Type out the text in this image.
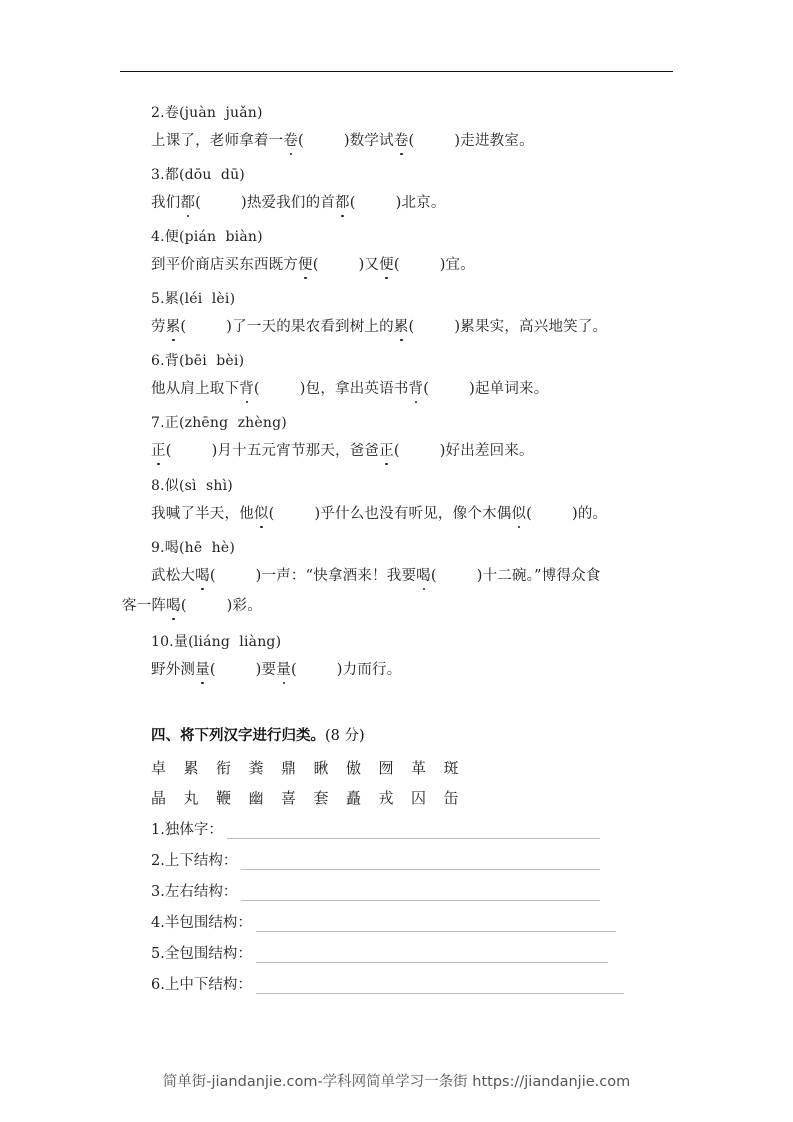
2.卷(juàn  juǎn)
上课了，老师拿着一卷(	)数学试卷(	)走进教室。
3.都(dōu  dū)
我们都(	)热爱我们的首都(	)北京。
4.便(pián  biàn)
到平价商店买东西既方便(	)又便(	)宜。
5.累(léi  lèi)
劳累(	)了一天的果农看到树上的累(	)累果实，高兴地笑了。
6.背(bēi  bèi)
他从肩上取下背(	)包，拿出英语书背(	)起单词来。
7.正(zhēng  zhèng)
正(	)月十五元宵节那天，爸爸正(	)好出差回来。
8.似(sì  shì)
我喊了半天，他似(	)乎什么也没有听见，像个木偶似(	)的。
9.喝(hē  hè)
武松大喝(	)一声：“快拿酒来！我要喝(	)十二碗。”博得众食
客一阵喝(	)彩。
10.量(liáng  liàng)
野外测量(	)要量(	)力而行。
四、将下列汉字进行归类。(8 分)
卓	累	衔	粪	鼎	瞅	傲	囫	革	斑
晶	丸	鞭	幽	喜	套	矗	戎	囚	缶
1.独体字：
2.上下结构：
3.左右结构：
4.半包围结构：
5.全包围结构：
6.上中下结构：
简单街-jiandanjie.com-学科网简单学习一条街 https://jiandanjie.com
